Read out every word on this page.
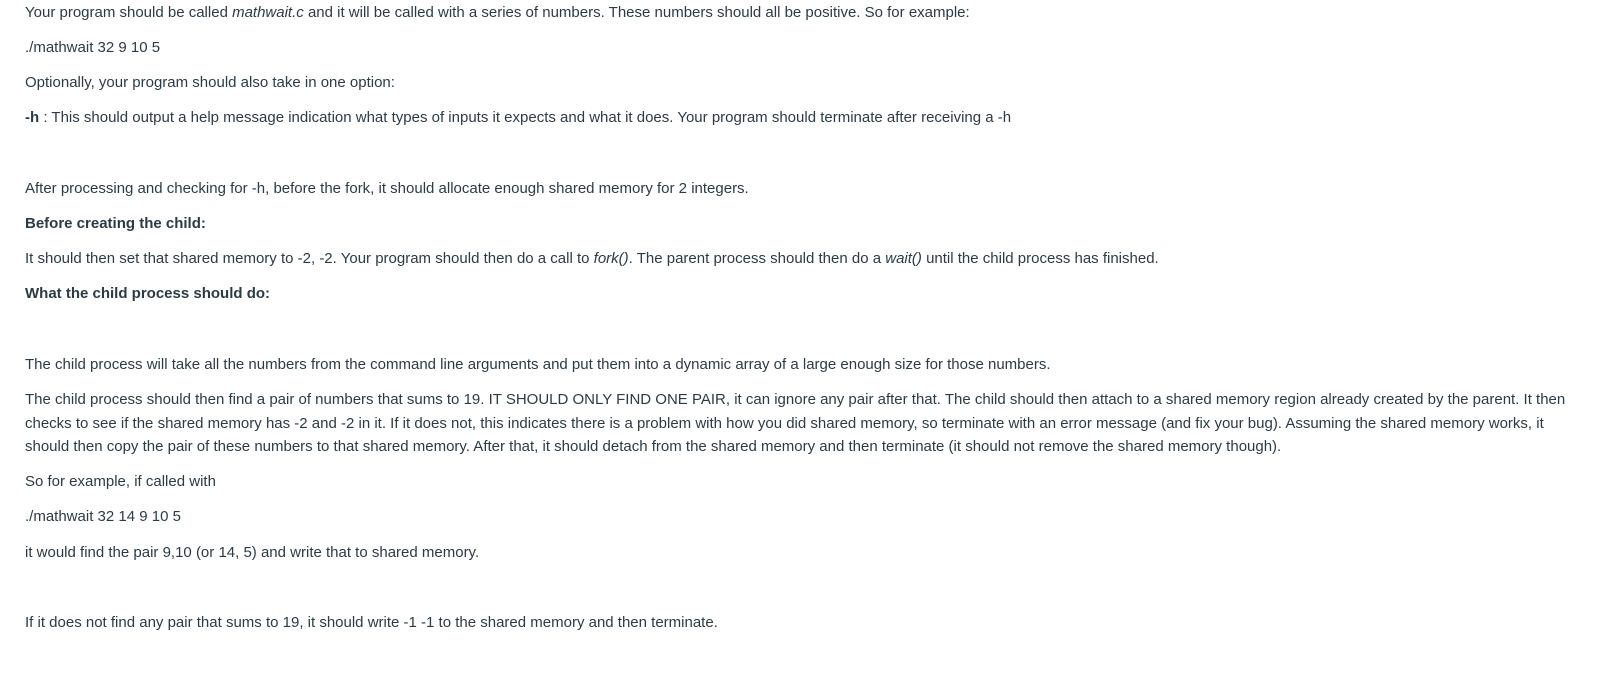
Your program should be called mathwait.c and it will be called with a series of numbers. These numbers should all be positive. So for example:

./mathwait 32 9 10 5

Optionally, your program should also take in one option:

-h : This should output a help message indication what types of inputs it expects and what it does. Your program should terminate after receiving a -h

After processing and checking for -h, before the fork, it should allocate enough shared memory for 2 integers.

Before creating the child:

It should then set that shared memory to -2, -2. Your program should then do a call to fork(). The parent process should then do a wait() until the child process has finished.

What the child process should do:

The child process will take all the numbers from the command line arguments and put them into a dynamic array of a large enough size for those numbers.

The child process should then find a pair of numbers that sums to 19. IT SHOULD ONLY FIND ONE PAIR, it can ignore any pair after that. The child should then attach to a shared memory region already created by the parent. It then checks to see if the shared memory has -2 and -2 in it. If it does not, this indicates there is a problem with how you did shared memory, so terminate with an error message (and fix your bug). Assuming the shared memory works, it should then copy the pair of these numbers to that shared memory. After that, it should detach from the shared memory and then terminate (it should not remove the shared memory though).

So for example, if called with

./mathwait 32 14 9 10 5

it would find the pair 9,10 (or 14, 5) and write that to shared memory.

If it does not find any pair that sums to 19, it should write -1 -1 to the shared memory and then terminate.
